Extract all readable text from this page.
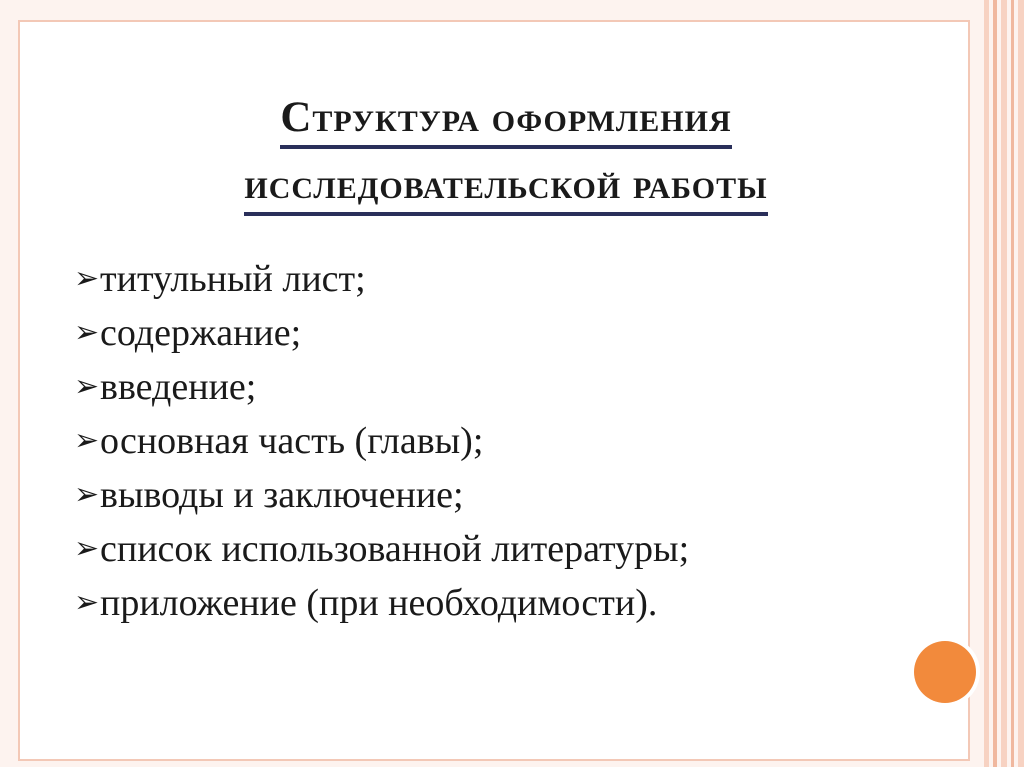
Структура оформления
исследовательской работы
➢ титульный лист;
➢ содержание;
➢ введение;
➢ основная часть (главы);
➢ выводы и заключение;
➢ список использованной литературы;
➢ приложение (при необходимости).
